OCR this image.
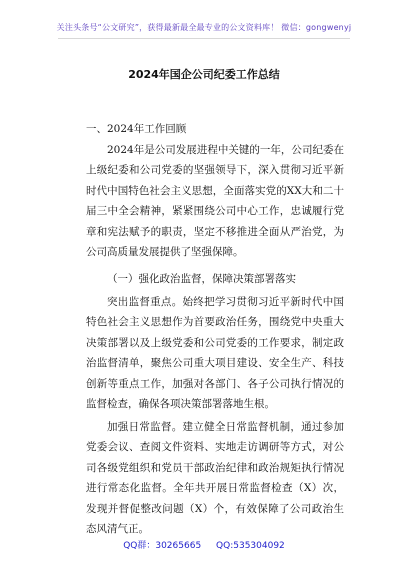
关注头条号“公文研究”，获得最新最全最专业的公文资料库！ 微信：gongwenyj
2024年国企公司纪委工作总结
一、2024年工作回顾

2024年是公司发展进程中关键的一年，公司纪委在上级纪委和公司党委的坚强领导下，深入贯彻习近平新时代中国特色社会主义思想，全面落实党的XX大和二十届三中全会精神，紧紧围绕公司中心工作，忠诚履行党章和宪法赋予的职责，坚定不移推进全面从严治党，为公司高质量发展提供了坚强保障。

（一）强化政治监督，保障决策部署落实

突出监督重点。始终把学习贯彻习近平新时代中国特色社会主义思想作为首要政治任务，围绕党中央重大决策部署以及上级党委和公司党委的工作要求，制定政治监督清单，聚焦公司重大项目建设、安全生产、科技创新等重点工作，加强对各部门、各子公司执行情况的监督检查，确保各项决策部署落地生根。

加强日常监督。建立健全日常监督机制，通过参加党委会议、查阅文件资料、实地走访调研等方式，对公司各级党组织和党员干部政治纪律和政治规矩执行情况进行常态化监督。全年共开展日常监督检查（X）次，发现并督促整改问题（X）个，有效保障了公司政治生态风清气正。

QQ群：30265665 QQ:535304092
